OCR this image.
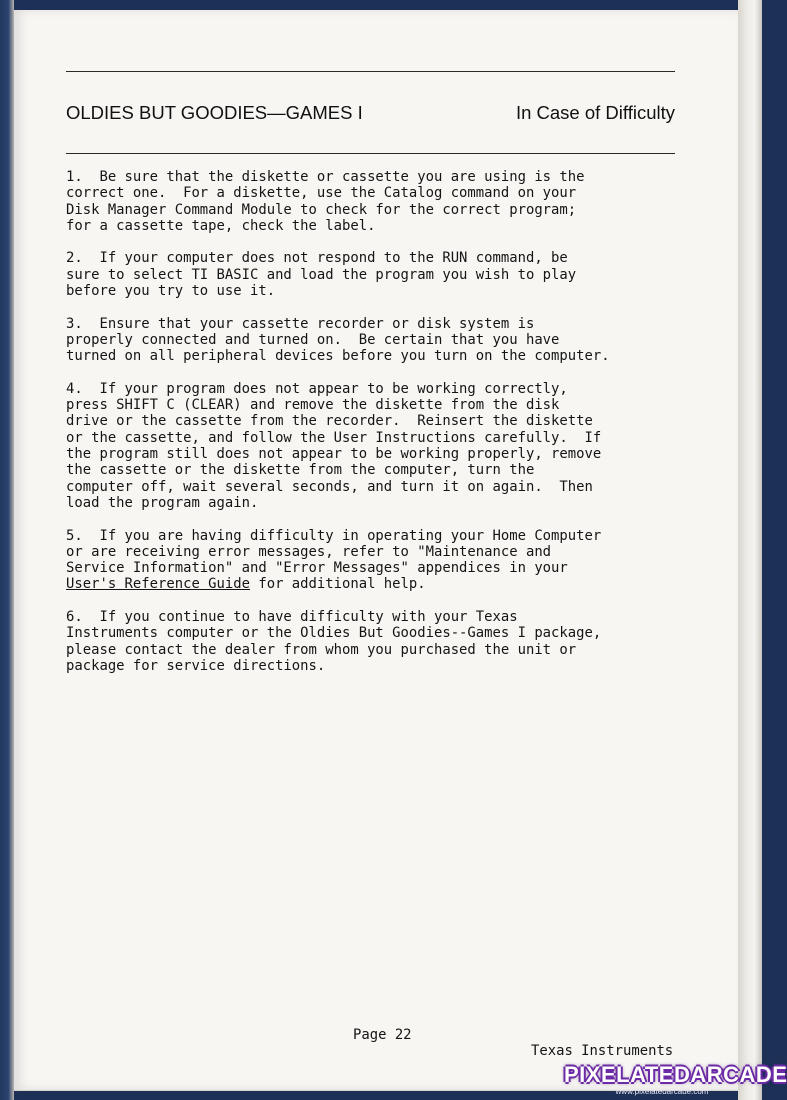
OLDIES BUT GOODIES—GAMES I	In Case of Difficulty
1.  Be sure that the diskette or cassette you are using is the
correct one.  For a diskette, use the Catalog command on your
Disk Manager Command Module to check for the correct program;
for a cassette tape, check the label.
2.  If your computer does not respond to the RUN command, be
sure to select TI BASIC and load the program you wish to play
before you try to use it.
3.  Ensure that your cassette recorder or disk system is
properly connected and turned on.  Be certain that you have
turned on all peripheral devices before you turn on the computer.
4.  If your program does not appear to be working correctly,
press SHIFT C (CLEAR) and remove the diskette from the disk
drive or the cassette from the recorder.  Reinsert the diskette
or the cassette, and follow the User Instructions carefully.  If
the program still does not appear to be working properly, remove
the cassette or the diskette from the computer, turn the
computer off, wait several seconds, and turn it on again.  Then
load the program again.
5.  If you are having difficulty in operating your Home Computer
or are receiving error messages, refer to "Maintenance and
Service Information" and "Error Messages" appendices in your
User's Reference Guide for additional help.
6.  If you continue to have difficulty with your Texas
Instruments computer or the Oldies But Goodies--Games I package,
please contact the dealer from whom you purchased the unit or
package for service directions.
Page 22
Texas Instruments
PIXELATEDARCADE
www.pixelatedarcade.com
